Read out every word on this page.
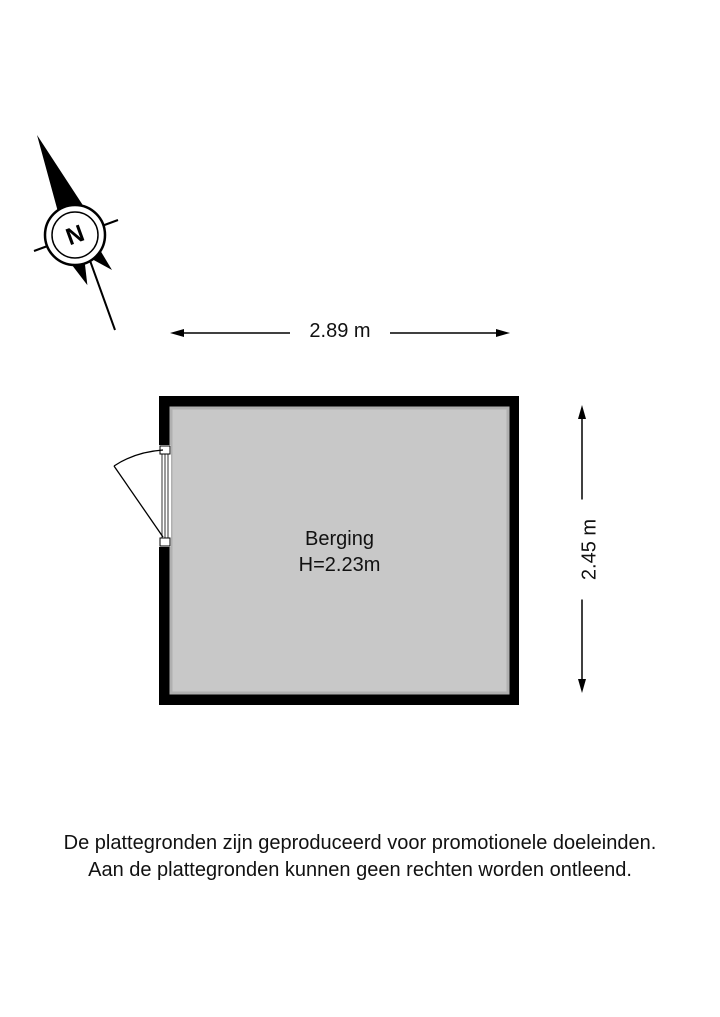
N
2.89 m
2.45 m
Berging
H=2.23m
De plattegronden zijn geproduceerd voor promotionele doeleinden.
Aan de plattegronden kunnen geen rechten worden ontleend.
